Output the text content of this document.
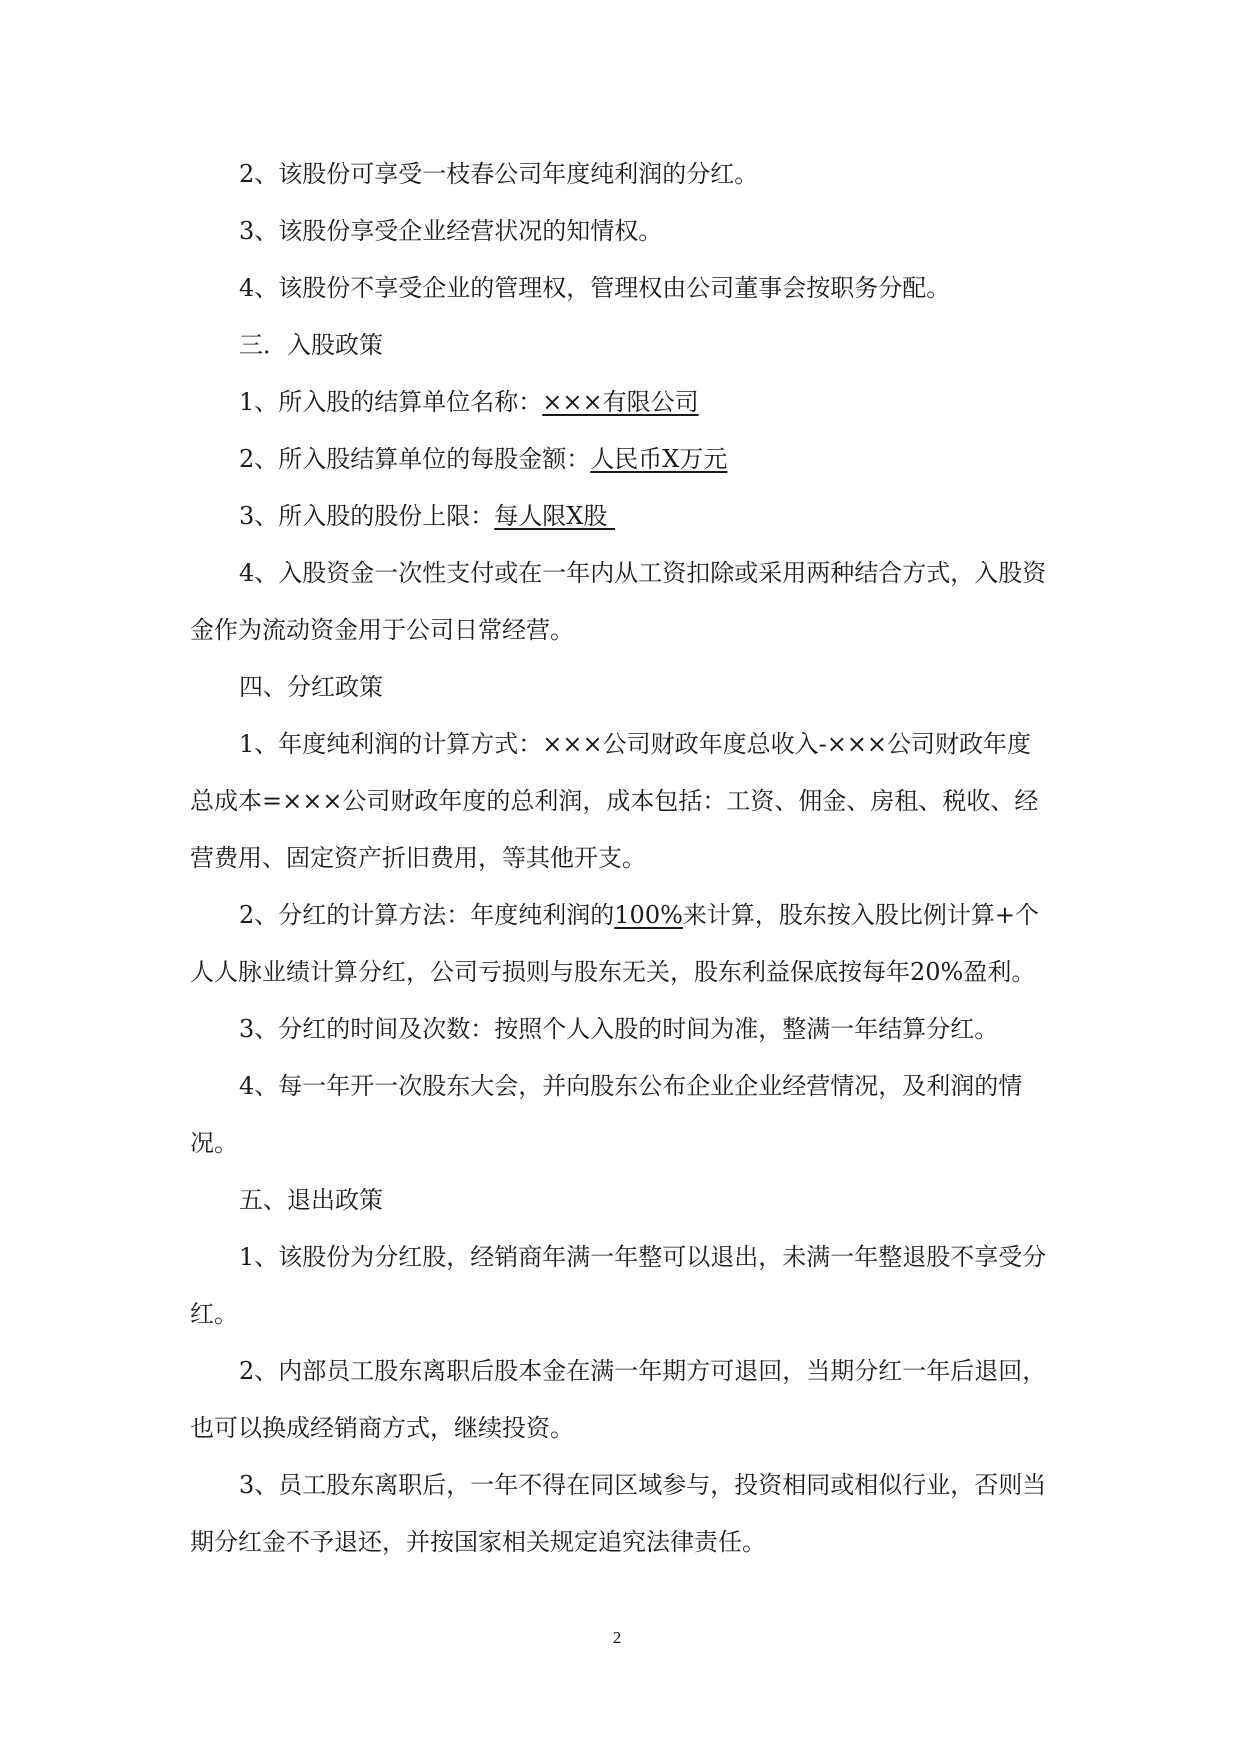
2、该股份可享受一枝春公司年度纯利润的分红。

3、该股份享受企业经营状况的知情权。

4、该股份不享受企业的管理权，管理权由公司董事会按职务分配。

三．入股政策

1、所入股的结算单位名称：×××有限公司

2、所入股结算单位的每股金额：人民币X万元

3、所入股的股份上限：每人限X股

4、入股资金一次性支付或在一年内从工资扣除或采用两种结合方式，入股资金作为流动资金用于公司日常经营。

四、分红政策

1、年度纯利润的计算方式：×××公司财政年度总收入-×××公司财政年度总成本=×××公司财政年度的总利润，成本包括：工资、佣金、房租、税收、经营费用、固定资产折旧费用，等其他开支。

2、分红的计算方法：年度纯利润的100%来计算，股东按入股比例计算+个人人脉业绩计算分红，公司亏损则与股东无关，股东利益保底按每年20%盈利。

3、分红的时间及次数：按照个人入股的时间为准，整满一年结算分红。

4、每一年开一次股东大会，并向股东公布企业企业经营情况，及利润的情况。

五、退出政策

1、该股份为分红股，经销商年满一年整可以退出，未满一年整退股不享受分红。

2、内部员工股东离职后股本金在满一年期方可退回，当期分红一年后退回，也可以换成经销商方式，继续投资。

3、员工股东离职后，一年不得在同区域参与，投资相同或相似行业，否则当期分红金不予退还，并按国家相关规定追究法律责任。

2
